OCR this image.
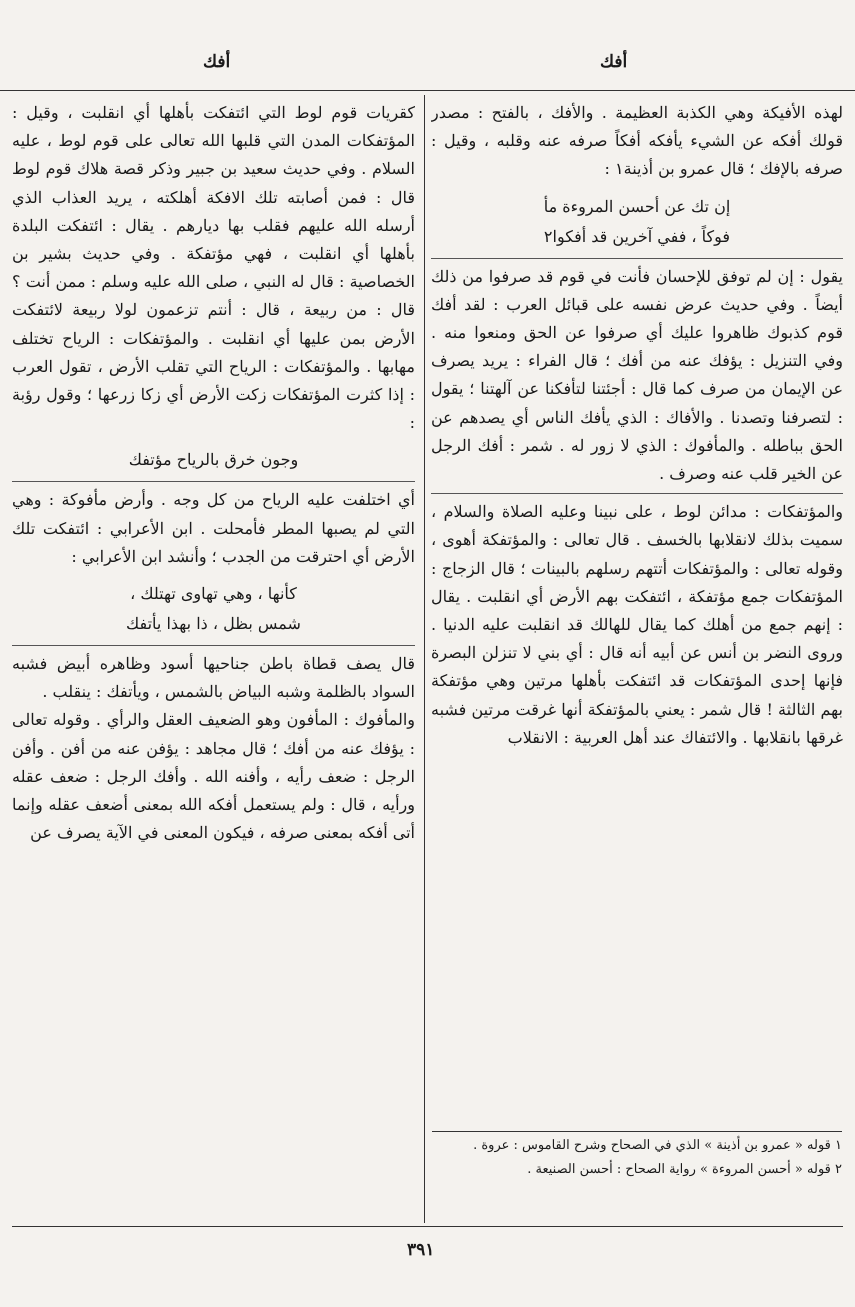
أفك
أفك

لهذه الأفيكة وهي الكذبة العظيمة . والأفك ، بالفتح : مصدر قولك أفكه عن الشيء يأفكه أفكاً صرفه عنه وقلبه ، وقيل : صرفه بالإفك ؛ قال عمرو بن أذينة١ :

إن تك عن أحسن المروءة مأ
فوكاً ، ففي آخرين قد أفكوا٢

يقول : إن لم توفق للإحسان فأنت في قوم قد صرفوا من ذلك أيضاً . وفي حديث عرض نفسه على قبائل العرب : لقد أفك قوم كذبوك ظاهروا عليك أي صرفوا عن الحق ومنعوا منه . وفي التنزيل : يؤفك عنه من أفك ؛ قال الفراء : يريد يصرف عن الإيمان من صرف كما قال : أجئتنا لتأفكنا عن آلهتنا ؛ يقول : لتصرفنا وتصدنا . والأفاك : الذي يأفك الناس أي يصدهم عن الحق بباطله . والمأفوك : الذي لا زور له . شمر : أفك الرجل عن الخير قلب عنه وصرف .

والمؤتفكات : مدائن لوط ، على نبينا وعليه الصلاة والسلام ، سميت بذلك لانقلابها بالخسف . قال تعالى : والمؤتفكة أهوى ، وقوله تعالى : والمؤتفكات أتتهم رسلهم بالبينات ؛ قال الزجاج : المؤتفكات جمع مؤتفكة ، ائتفكت بهم الأرض أي انقلبت . يقال : إنهم جمع من أهلك كما يقال للهالك قد انقلبت عليه الدنيا . وروى النضر بن أنس عن أبيه أنه قال : أي بني لا تنزلن البصرة فإنها إحدى المؤتفكات قد ائتفكت بأهلها مرتين وهي مؤتفكة بهم الثالثة ! قال شمر : يعني بالمؤتفكة أنها غرقت مرتين فشبه غرقها بانقلابها . والائتفاك عند أهل العربية : الانقلاب

كقريات قوم لوط التي ائتفكت بأهلها أي انقلبت ، وقيل : المؤتفكات المدن التي قلبها الله تعالى على قوم لوط ، عليه السلام . وفي حديث سعيد بن جبير وذكر قصة هلاك قوم لوط قال : فمن أصابته تلك الافكة أهلكته ، يريد العذاب الذي أرسله الله عليهم فقلب بها ديارهم . يقال : ائتفكت البلدة بأهلها أي انقلبت ، فهي مؤتفكة . وفي حديث بشير بن الخصاصية : قال له النبي ، صلى الله عليه وسلم : ممن أنت ؟ قال : من ربيعة ، قال : أنتم تزعمون لولا ربيعة لائتفكت الأرض بمن عليها أي انقلبت . والمؤتفكات : الرياح تختلف مهابها . والمؤتفكات : الرياح التي تقلب الأرض ، تقول العرب : إذا كثرت المؤتفكات زكت الأرض أي زكا زرعها ؛ وقول رؤبة :

وجون خرق بالرياح مؤتفك

أي اختلفت عليه الرياح من كل وجه . وأرض مأفوكة : وهي التي لم يصبها المطر فأمحلت . ابن الأعرابي : ائتفكت تلك الأرض أي احترقت من الجدب ؛ وأنشد ابن الأعرابي :

كأنها ، وهي تهاوى تهتلك ،
شمس بظل ، ذا بهذا يأتفك

قال يصف قطاة باطن جناحيها أسود وظاهره أبيض فشبه السواد بالظلمة وشبه البياض بالشمس ، ويأتفك : ينقلب .

والمأفوك : المأفون وهو الضعيف العقل والرأي . وقوله تعالى : يؤفك عنه من أفك ؛ قال مجاهد : يؤفن عنه من أفن . وأفن الرجل : ضعف رأيه ، وأفنه الله . وأفك الرجل : ضعف عقله ورأيه ، قال : ولم يستعمل أفكه الله بمعنى أضعف عقله وإنما أتى أفكه بمعنى صرفه ، فيكون المعنى في الآية يصرف عن

١ قوله « عمرو بن أذينة » الذي في الصحاح وشرح القاموس : عروة .

٢ قوله « أحسن المروءة » رواية الصحاح : أحسن الصنيعة .

٣٩١
